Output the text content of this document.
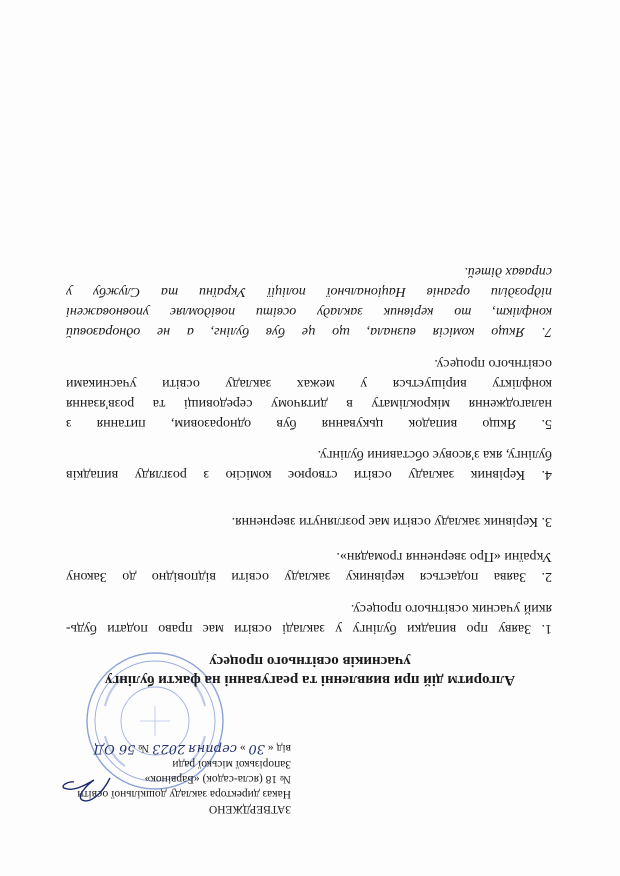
ЗАТВЕРДЖЕНО
Наказ директора закладу дошкільної освіти
№ 18 (ясла-садок) «Барвінок»
Запорізької міської ради
від « 30 » серпня 2023 № 56 ОД
Алгоритм дій при виявленні та реагуванні на факти булінгу
учасників освітнього процесу
1. Заяву про випадки булінгу у закладі освіти має право подати будь-
який учасник освітнього процесу.
2. Заява подається керівнику закладу освіти відповідно до Закону
України «Про звернення громадян».
3. Керівник закладу освіти має розглянути звернення.
4. Керівник закладу освіти створює комісію з розгляду випадків
булінгу, яка з'ясовує обставини булінгу.
5. Якщо випадок цькування був одноразовим, питання з
налагодження мікроклімату в дитячому середовищі та розв'язання
конфлікту вирішується у межах закладу освіти учасниками
освітнього процесу.
7. Якщо комісія визнала, що це був булінг, а не одноразовий
конфлікт, то керівник закладу освіти повідомляє уповноважені
підрозділи органів Національної поліції України та Службу у
справах дітей.
